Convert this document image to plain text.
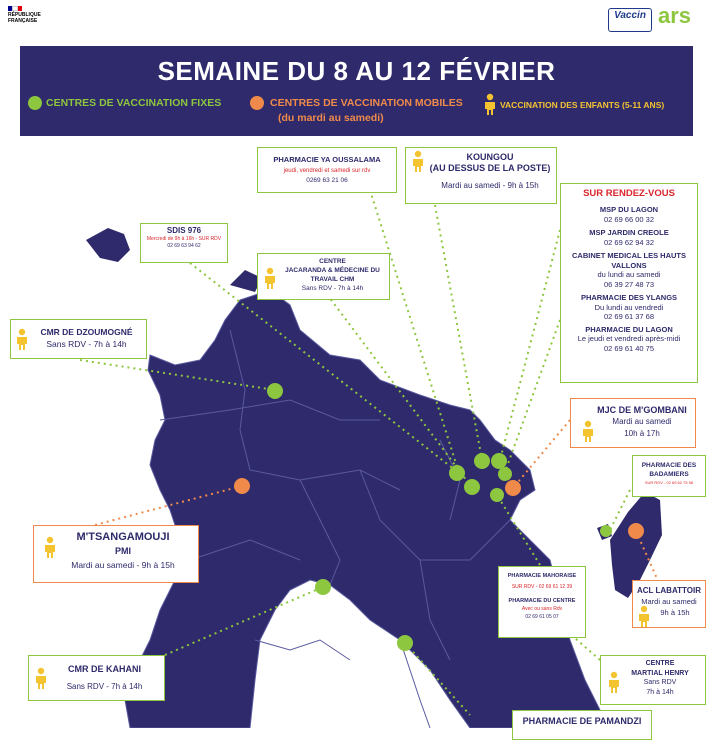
RÉPUBLIQUE FRANÇAISE	Vaccin ars
SEMAINE DU 8 AU 12 FÉVRIER
CENTRES DE VACCINATION FIXES	CENTRES DE VACCINATION MOBILES
(du mardi au samedi)
VACCINATION DES ENFANTS (5-11 ANS)
PHARMACIE YA OUSSALAMA
jeudi, vendredi et samedi sur rdv
0269 63 21 06
KOUNGOU
(AU DESSUS DE LA POSTE)
Mardi au samedi - 9h à 15h
SUR RENDEZ-VOUS
MSP DU LAGON
02 69 66 00 32
MSP JARDIN CREOLE
02 69 62 94 32
CABINET MEDICAL LES HAUTS VALLONS
du lundi au samedi
06 39 27 48 73
PHARMACIE DES YLANGS
Du lundi au vendredi
02 69 61 37 68
PHARMACIE DU LAGON
Le jeudi et vendredi après-midi
02 69 61 40 75
SDIS 976
Mercredi de 9h à 16h - SUR RDV
02 69 63 94 62
CENTRE
JACARANDA & MÉDECINE DU TRAVAIL CHM
Sans RDV - 7h à 14h
CMR DE DZOUMOGNÉ
Sans RDV - 7h à 14h
MJC DE M'GOMBANI
Mardi au samedi
10h à 17h
PHARMACIE DES BADAMIERS
SUR RDV - 02 69 62 75 58
M'TSANGAMOUJI
PMI
Mardi au samedi - 9h à 15h
PHARMACIE MAHORAISE
SUR RDV - 02 69 61 12 39
PHARMACIE DU CENTRE
Avec ou sans Rdv
02 69 61 05 07
ACL LABATTOIR
Mardi au samedi
9h à 15h
CMR DE KAHANI
Sans RDV - 7h à 14h
CENTRE
MARTIAL HENRY
Sans RDV
7h à 14h
PHARMACIE DE PAMANDZI
